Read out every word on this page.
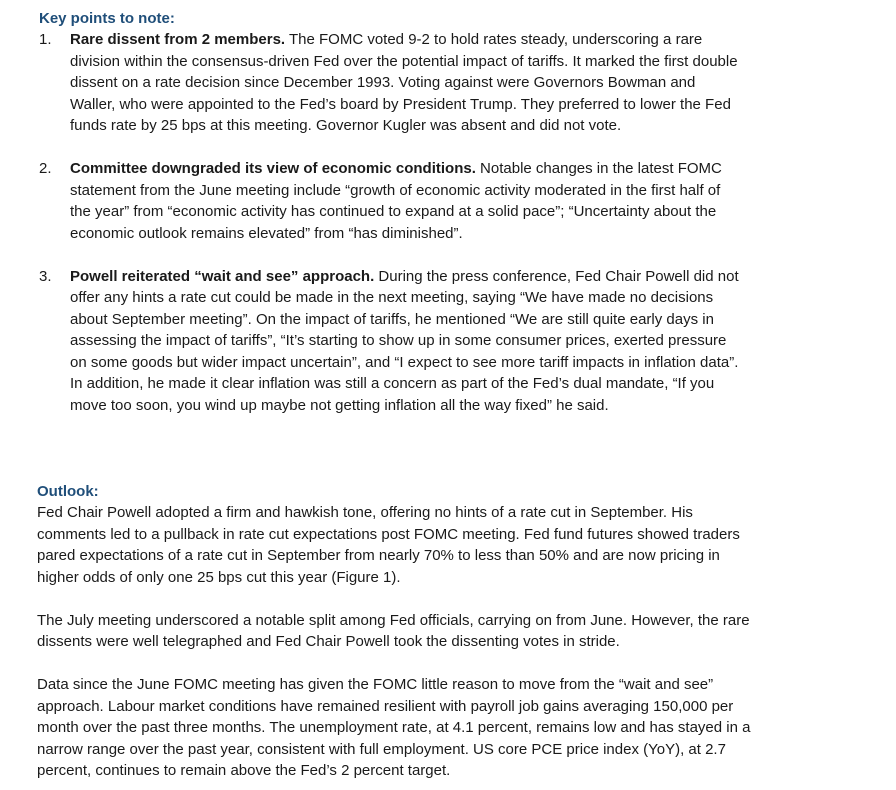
Key points to note:

1.	Rare dissent from 2 members. The FOMC voted 9-2 to hold rates steady, underscoring a rare division within the consensus-driven Fed over the potential impact of tariffs. It marked the first double dissent on a rate decision since December 1993. Voting against were Governors Bowman and Waller, who were appointed to the Fed’s board by President Trump. They preferred to lower the Fed funds rate by 25 bps at this meeting. Governor Kugler was absent and did not vote.
2.	Committee downgraded its view of economic conditions. Notable changes in the latest FOMC statement from the June meeting include “growth of economic activity moderated in the first half of the year” from “economic activity has continued to expand at a solid pace”; “Uncertainty about the economic outlook remains elevated” from “has diminished”.
3.	Powell reiterated “wait and see” approach. During the press conference, Fed Chair Powell did not offer any hints a rate cut could be made in the next meeting, saying “We have made no decisions about September meeting”. On the impact of tariffs, he mentioned “We are still quite early days in assessing the impact of tariffs”, “It’s starting to show up in some consumer prices, exerted pressure on some goods but wider impact uncertain”, and “I expect to see more tariff impacts in inflation data”. In addition, he made it clear inflation was still a concern as part of the Fed’s dual mandate, “If you move too soon, you wind up maybe not getting inflation all the way fixed” he said.

Outlook:

Fed Chair Powell adopted a firm and hawkish tone, offering no hints of a rate cut in September. His comments led to a pullback in rate cut expectations post FOMC meeting. Fed fund futures showed traders pared expectations of a rate cut in September from nearly 70% to less than 50% and are now pricing in higher odds of only one 25 bps cut this year (Figure 1).

The July meeting underscored a notable split among Fed officials, carrying on from June. However, the rare dissents were well telegraphed and Fed Chair Powell took the dissenting votes in stride.

Data since the June FOMC meeting has given the FOMC little reason to move from the “wait and see” approach. Labour market conditions have remained resilient with payroll job gains averaging 150,000 per month over the past three months. The unemployment rate, at 4.1 percent, remains low and has stayed in a narrow range over the past year, consistent with full employment. US core PCE price index (YoY), at 2.7 percent, continues to remain above the Fed’s 2 percent target.
